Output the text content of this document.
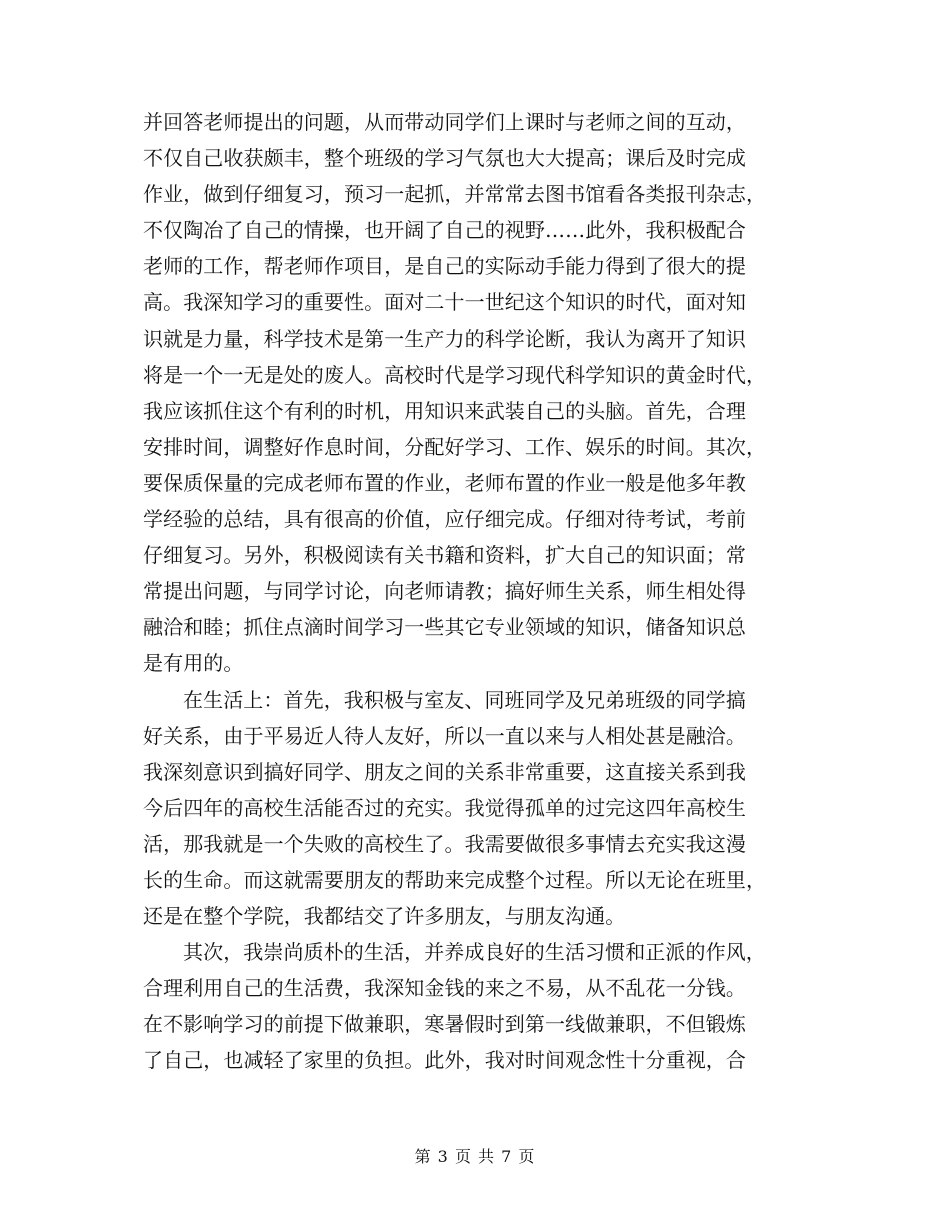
并回答老师提出的问题，从而带动同学们上课时与老师之间的互动，
不仅自己收获颇丰，整个班级的学习气氛也大大提高；课后及时完成
作业，做到仔细复习，预习一起抓，并常常去图书馆看各类报刊杂志，
不仅陶冶了自己的情操，也开阔了自己的视野……此外，我积极配合
老师的工作，帮老师作项目，是自己的实际动手能力得到了很大的提
高。我深知学习的重要性。面对二十一世纪这个知识的时代，面对知
识就是力量，科学技术是第一生产力的科学论断，我认为离开了知识
将是一个一无是处的废人。高校时代是学习现代科学知识的黄金时代，
我应该抓住这个有利的时机，用知识来武装自己的头脑。首先，合理
安排时间，调整好作息时间，分配好学习、工作、娱乐的时间。其次，
要保质保量的完成老师布置的作业，老师布置的作业一般是他多年教
学经验的总结，具有很高的价值，应仔细完成。仔细对待考试，考前
仔细复习。另外，积极阅读有关书籍和资料，扩大自己的知识面；常
常提出问题，与同学讨论，向老师请教；搞好师生关系，师生相处得
融洽和睦；抓住点滴时间学习一些其它专业领域的知识，储备知识总
是有用的。
在生活上：首先，我积极与室友、同班同学及兄弟班级的同学搞
好关系，由于平易近人待人友好，所以一直以来与人相处甚是融洽。
我深刻意识到搞好同学、朋友之间的关系非常重要，这直接关系到我
今后四年的高校生活能否过的充实。我觉得孤单的过完这四年高校生
活，那我就是一个失败的高校生了。我需要做很多事情去充实我这漫
长的生命。而这就需要朋友的帮助来完成整个过程。所以无论在班里，
还是在整个学院，我都结交了许多朋友，与朋友沟通。
其次，我崇尚质朴的生活，并养成良好的生活习惯和正派的作风，
合理利用自己的生活费，我深知金钱的来之不易，从不乱花一分钱。
在不影响学习的前提下做兼职，寒暑假时到第一线做兼职，不但锻炼
了自己，也减轻了家里的负担。此外，我对时间观念性十分重视，合
第 3 页 共 7 页
